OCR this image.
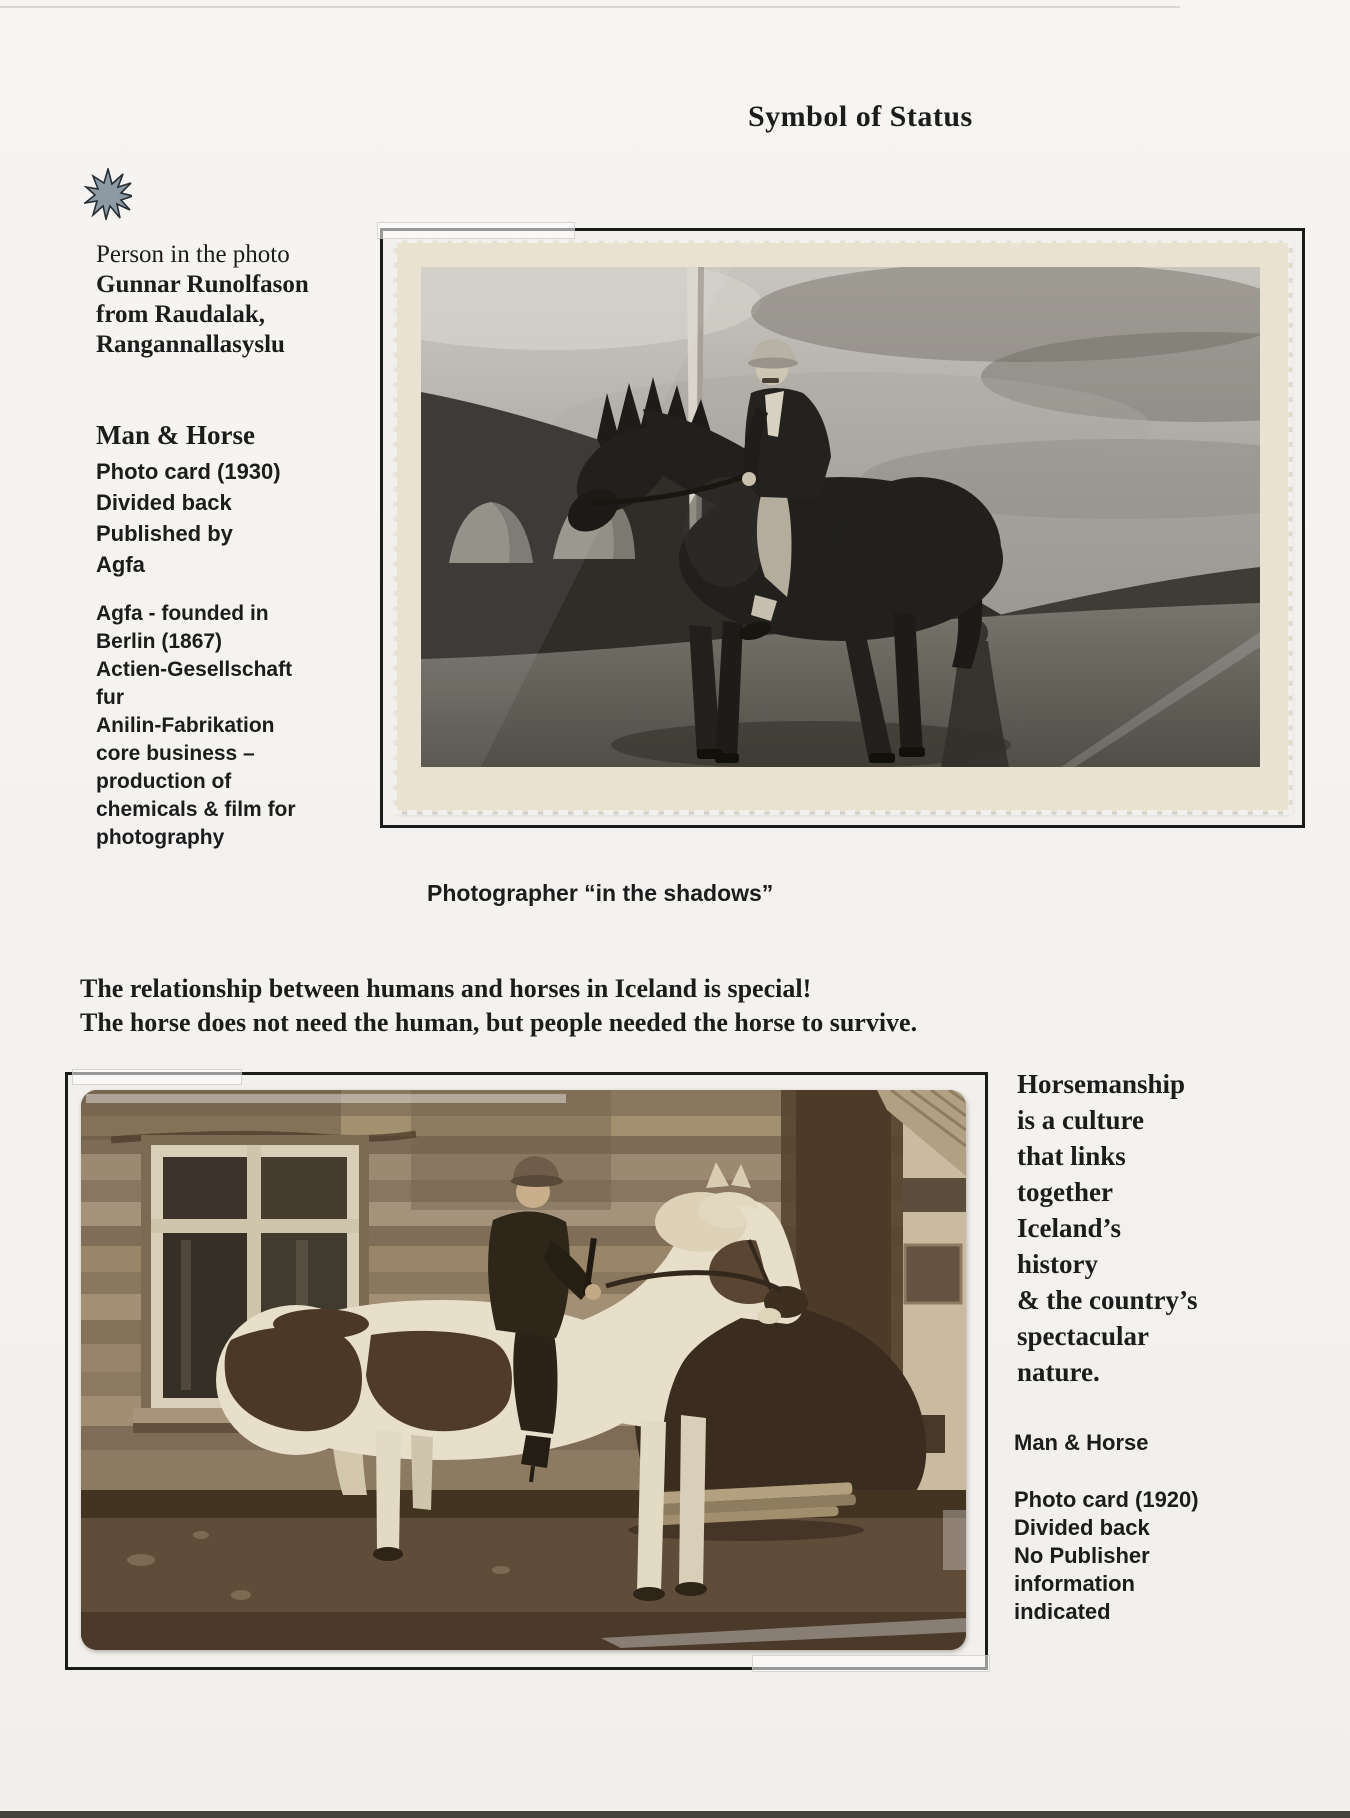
Symbol of Status
Person in the photo
Gunnar Runolfason
from Raudalak,
Rangannallasyslu
Man & Horse
Photo card (1930)
Divided back
Published by
Agfa
Agfa - founded in
Berlin (1867)
Actien-Gesellschaft
fur
Anilin-Fabrikation
core business –
production of
chemicals & film for
photography
Photographer “in the shadows”
The relationship between humans and horses in Iceland is special!
The horse does not need the human, but people needed the horse to survive.
Horsemanship
is a culture
that links
together
Iceland’s
history
& the country’s
spectacular
nature.
Man & Horse
Photo card (1920)
Divided back
No Publisher
information
indicated
